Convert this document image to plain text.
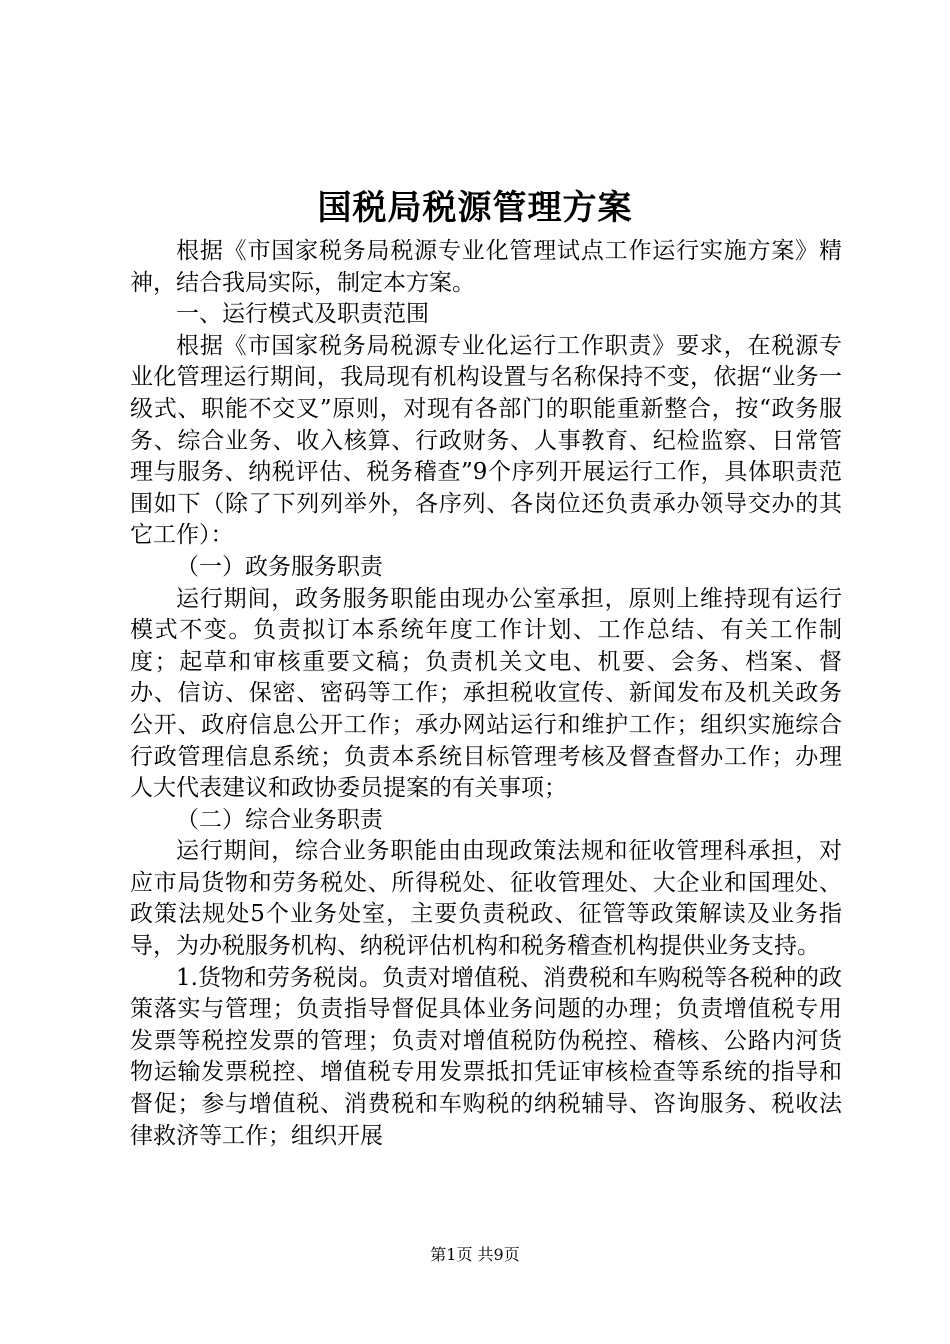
国税局税源管理方案

根据《市国家税务局税源专业化管理试点工作运行实施方案》精神，结合我局实际，制定本方案。

一、运行模式及职责范围

根据《市国家税务局税源专业化运行工作职责》要求，在税源专业化管理运行期间，我局现有机构设置与名称保持不变，依据“业务一级式、职能不交叉”原则，对现有各部门的职能重新整合，按“政务服务、综合业务、收入核算、行政财务、人事教育、纪检监察、日常管理与服务、纳税评估、税务稽查”9个序列开展运行工作，具体职责范围如下（除了下列列举外，各序列、各岗位还负责承办领导交办的其它工作）：

（一）政务服务职责

运行期间，政务服务职能由现办公室承担，原则上维持现有运行模式不变。负责拟订本系统年度工作计划、工作总结、有关工作制度；起草和审核重要文稿；负责机关文电、机要、会务、档案、督办、信访、保密、密码等工作；承担税收宣传、新闻发布及机关政务公开、政府信息公开工作；承办网站运行和维护工作；组织实施综合行政管理信息系统；负责本系统目标管理考核及督查督办工作；办理人大代表建议和政协委员提案的有关事项；

（二）综合业务职责

运行期间，综合业务职能由由现政策法规和征收管理科承担，对应市局货物和劳务税处、所得税处、征收管理处、大企业和国理处、政策法规处5个业务处室，主要负责税政、征管等政策解读及业务指导，为办税服务机构、纳税评估机构和税务稽查机构提供业务支持。

1.货物和劳务税岗。负责对增值税、消费税和车购税等各税种的政策落实与管理；负责指导督促具体业务问题的办理；负责增值税专用发票等税控发票的管理；负责对增值税防伪税控、稽核、公路内河货物运输发票税控、增值税专用发票抵扣凭证审核检查等系统的指导和督促；参与增值税、消费税和车购税的纳税辅导、咨询服务、税收法律救济等工作；组织开展

第1页 共9页
